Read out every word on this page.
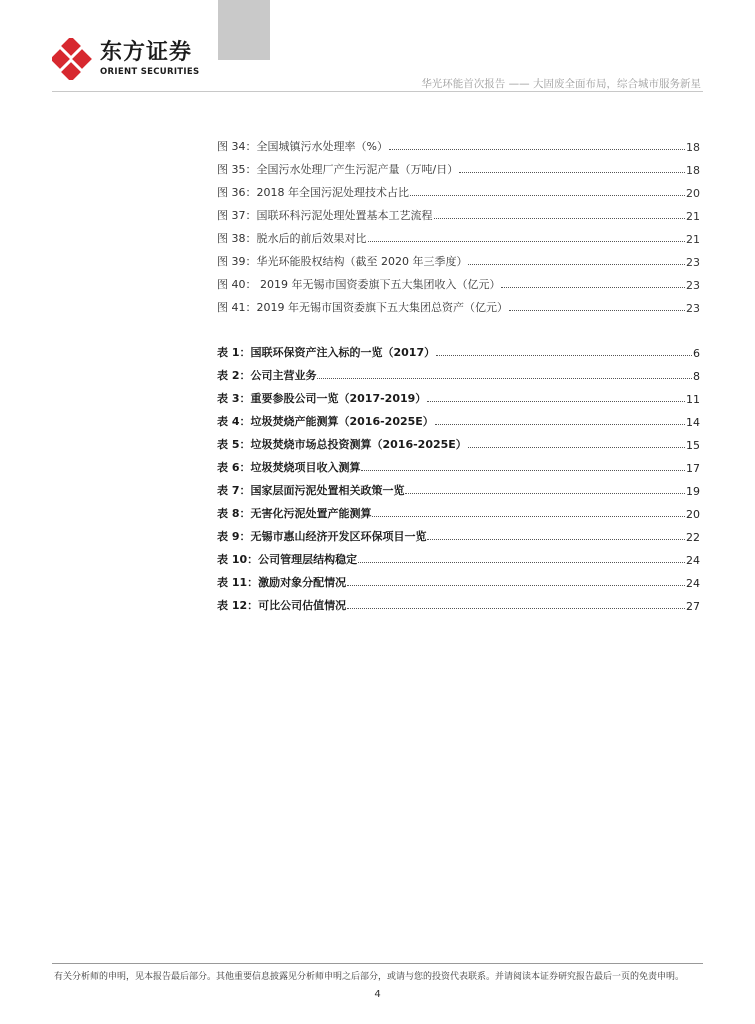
东方证券
ORIENT SECURITIES
华光环能首次报告 —— 大固废全面布局，综合城市服务新星
图 34：全国城镇污水处理率（%）	18
图 35：全国污水处理厂产生污泥产量（万吨/日）	18
图 36：2018 年全国污泥处理技术占比	20
图 37：国联环科污泥处理处置基本工艺流程	21
图 38：脱水后的前后效果对比	21
图 39：华光环能股权结构（截至 2020 年三季度）	23
图 40： 2019 年无锡市国资委旗下五大集团收入（亿元）	23
图 41：2019 年无锡市国资委旗下五大集团总资产（亿元）	23
表 1：国联环保资产注入标的一览（2017）	6
表 2：公司主营业务	8
表 3：重要参股公司一览（2017-2019）	11
表 4：垃圾焚烧产能测算（2016-2025E）	14
表 5：垃圾焚烧市场总投资测算（2016-2025E）	15
表 6：垃圾焚烧项目收入测算	17
表 7：国家层面污泥处置相关政策一览	19
表 8：无害化污泥处置产能测算	20
表 9：无锡市惠山经济开发区环保项目一览	22
表 10：公司管理层结构稳定	24
表 11：激励对象分配情况	24
表 12：可比公司估值情况	27
有关分析师的申明，见本报告最后部分。其他重要信息披露见分析师申明之后部分，或请与您的投资代表联系。并请阅读本证券研究报告最后一页的免责申明。
4
